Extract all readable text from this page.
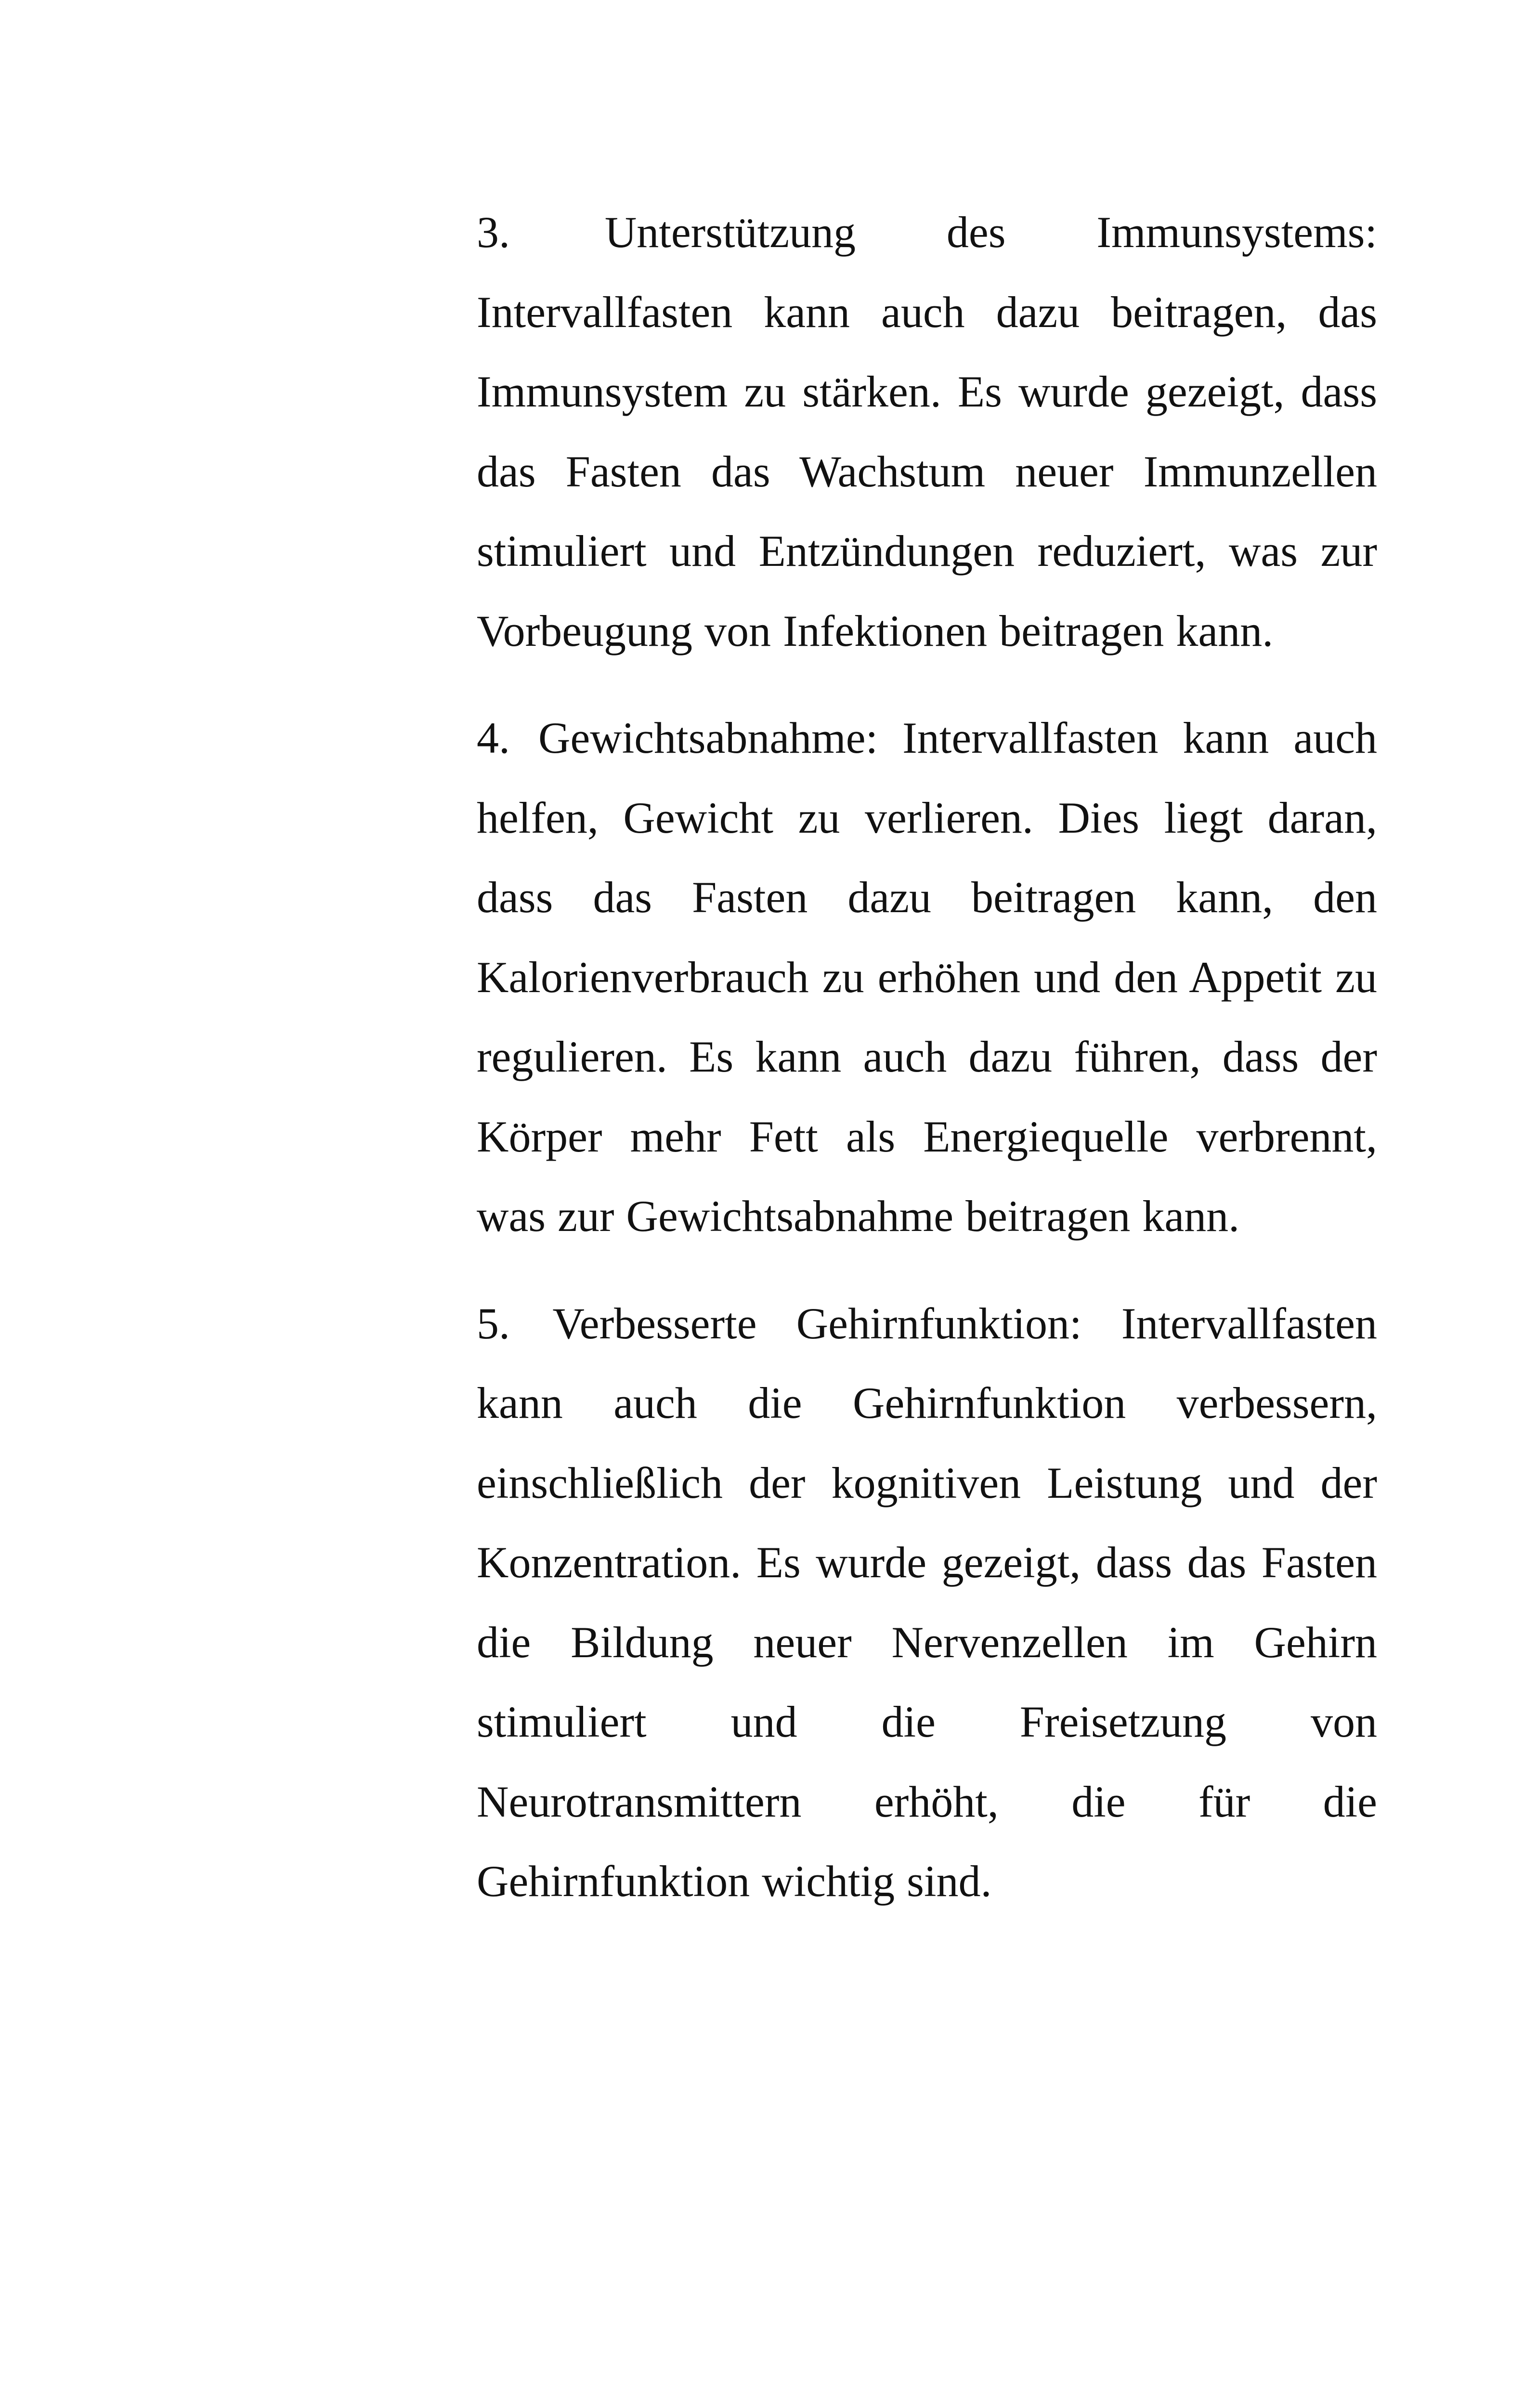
3. Unterstützung des Immunsystems: Intervallfasten kann auch dazu beitragen, das Immunsystem zu stärken. Es wurde gezeigt, dass das Fasten das Wachstum neuer Immunzellen stimuliert und Entzündungen reduziert, was zur Vorbeugung von Infektionen beitragen kann.

4. Gewichtsabnahme: Intervallfasten kann auch helfen, Gewicht zu verlieren. Dies liegt daran, dass das Fasten dazu beitragen kann, den Kalorienverbrauch zu erhöhen und den Appetit zu regulieren. Es kann auch dazu führen, dass der Körper mehr Fett als Energiequelle verbrennt, was zur Gewichtsabnahme beitragen kann.

5. Verbesserte Gehirnfunktion: Intervallfasten kann auch die Gehirnfunktion verbessern, einschließlich der kognitiven Leistung und der Konzentration. Es wurde gezeigt, dass das Fasten die Bildung neuer Nervenzellen im Gehirn stimuliert und die Freisetzung von Neurotransmittern erhöht, die für die Gehirnfunktion wichtig sind.
